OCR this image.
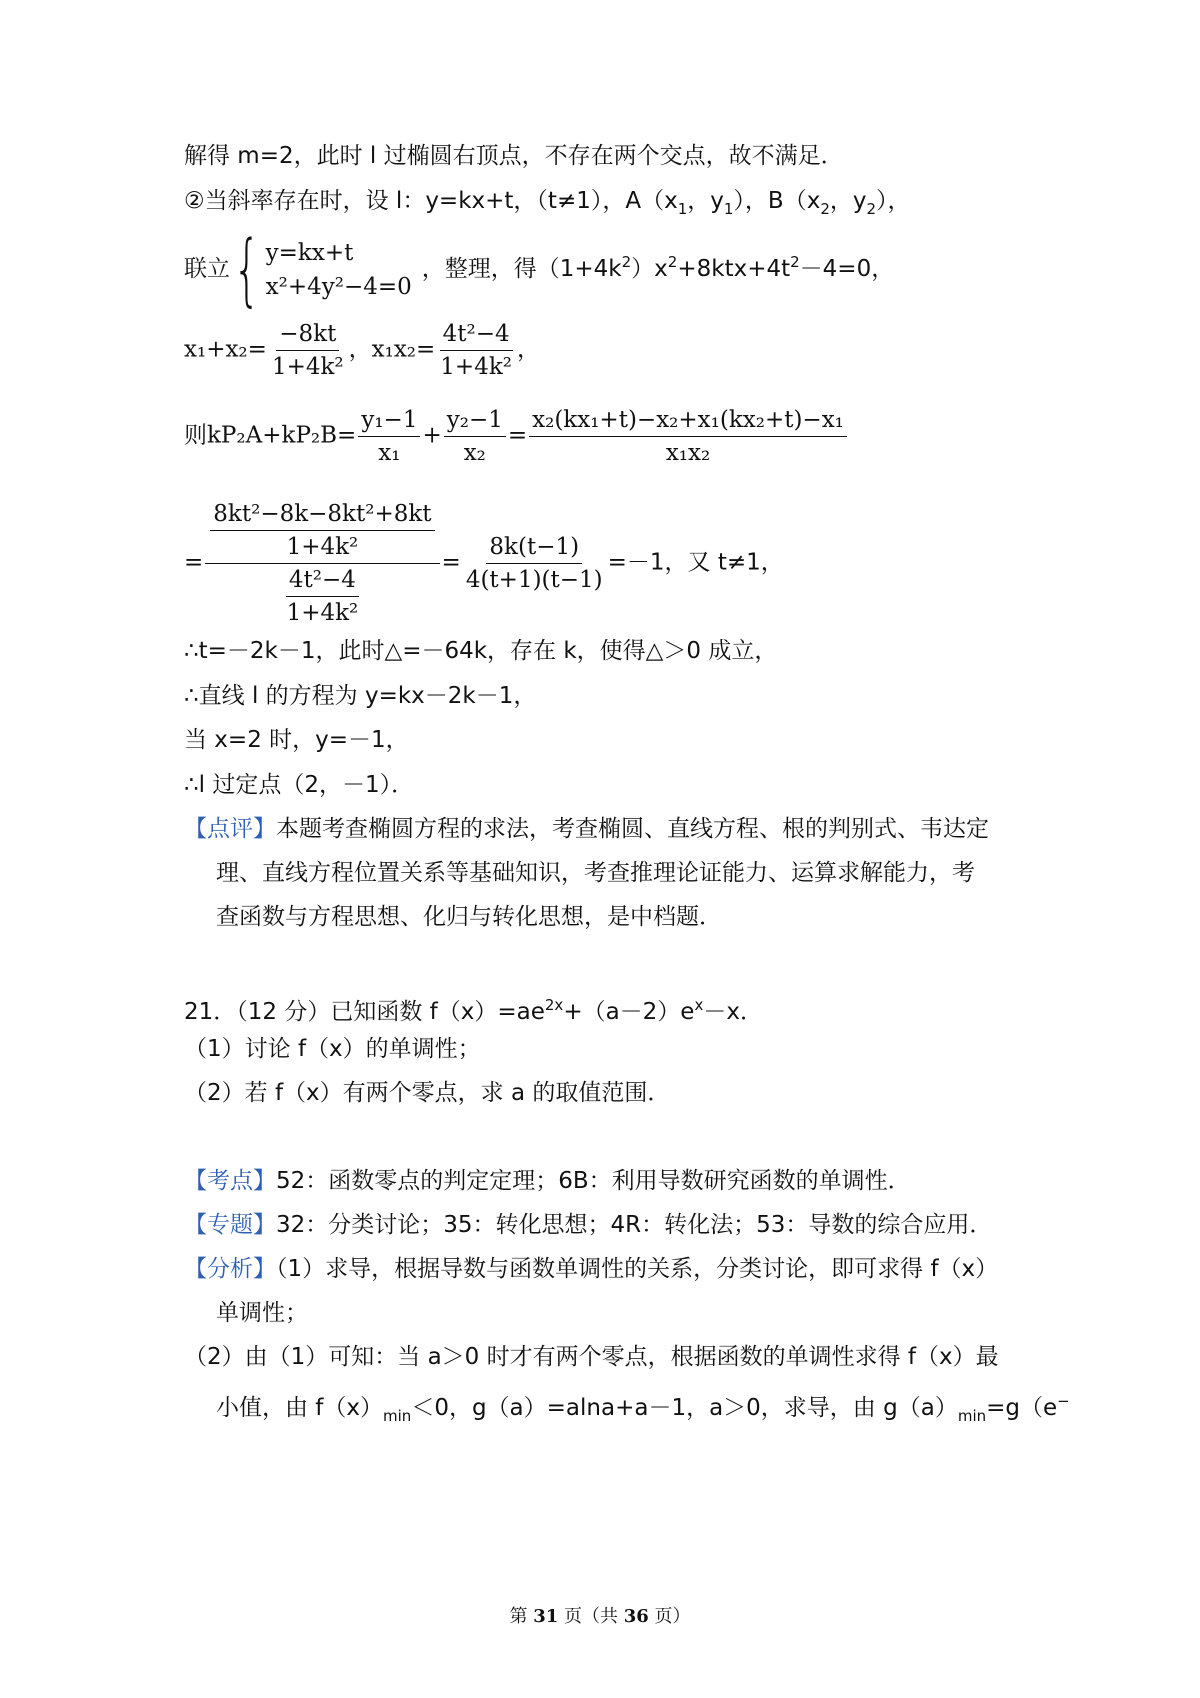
解得 m=2，此时 l 过椭圆右顶点，不存在两个交点，故不满足．
②当斜率存在时，设 l：y=kx+t，（t≠1），$A(x_1$，$y_1$），$B(x_2$，$y_2$），
联立{ y=kx+t
x²+4y²−4=0
，整理，得$(1+4k^2)x^2+8ktx+4t^2-4=0$，
$x_1+x_2= \frac{-8kt}{\text{1+4k²}}$ ，$x_1x_2= \frac{\text{4t²−4}}{\text{1+4k²}}$ ，
则$kP_2A+kP_2B= \frac{\text{y₁−1}}{\text{x₁}} + \frac{\text{y₂−1}}{\text{x₂}} = \frac{\text{x₂(kx₁+t)−x₂+x₁(kx₂+t)−x₁}}{\text{x₁x₂}}$
= $\frac{\frac{\text{8kt²−8k−8kt²+8kt}}{\text{1+4k²}}}{\frac{\text{4t²−4}}{\text{1+4k²}}} = \frac{8k(t-1)}{4(t+1)(t-1)} =-1$，又 t≠1，
∴t=－2k－1，此时△=－64k，存在 k，使得△＞0 成立，
∴直线 l 的方程为 y=kx－2k－1，
当 x=2 时，y=－1，
∴l 过定点（2，－1）．
【点评】本题考查椭圆方程的求法，考查椭圆、直线方程、根的判别式、韦达定
理、直线方程位置关系等基础知识，考查推理论证能力、运算求解能力，考
查函数与方程思想、化归与转化思想，是中档题．
21．（12 分）已知函数 $f(x)=ae^{2x}+(a-2)e^x-x$．
（1）讨论 f（x）的单调性；
（2）若 f（x）有两个零点，求 a 的取值范围．
【考点】52：函数零点的判定定理；6B：利用导数研究函数的单调性．
【专题】32：分类讨论；35：转化思想；4R：转化法；53：导数的综合应用．
【分析】（1）求导，根据导数与函数单调性的关系，分类讨论，即可求得 f（x）
单调性；
（2）由（1）可知：当 a＞0 时才有两个零点，根据函数的单调性求得 f（x）最
小值，由 $f(x)_{min}<0$，g（a）=alna+a－1，a＞0，求导，由 $g(a)_{min}=g(e^-$
第 31 页（共 36 页）
